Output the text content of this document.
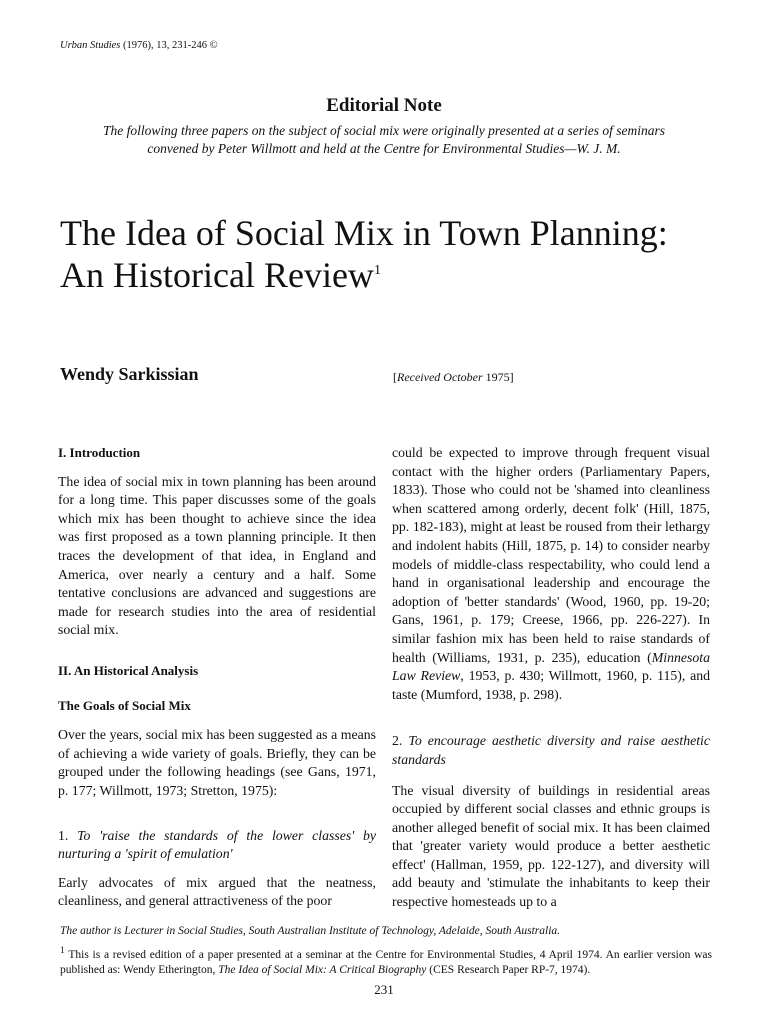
Urban Studies (1976), 13, 231-246 ©
Editorial Note
The following three papers on the subject of social mix were originally presented at a series of seminars
convened by Peter Willmott and held at the Centre for Environmental Studies—W. J. M.
The Idea of Social Mix in Town Planning:
An Historical Review$^1$
Wendy Sarkissian	[Received October 1975]

I. Introduction

The idea of social mix in town planning has been around for a long time. This paper discusses some of the goals which mix has been thought to achieve since the idea was first proposed as a town planning principle. It then traces the development of that idea, in England and America, over nearly a century and a half. Some tentative conclusions are advanced and suggestions are made for research studies into the area of residential social mix.

II. An Historical Analysis

The Goals of Social Mix

Over the years, social mix has been suggested as a means of achieving a wide variety of goals. Briefly, they can be grouped under the following headings (see Gans, 1971, p. 177; Willmott, 1973; Stretton, 1975):

1. To 'raise the standards of the lower classes' by nurturing a 'spirit of emulation'

Early advocates of mix argued that the neatness, cleanliness, and general attractiveness of the poor

could be expected to improve through frequent visual contact with the higher orders (Parliamentary Papers, 1833). Those who could not be 'shamed into cleanliness when scattered among orderly, decent folk' (Hill, 1875, pp. 182-183), might at least be roused from their lethargy and indolent habits (Hill, 1875, p. 14) to consider nearby models of middle-class respectability, who could lend a hand in organisational leadership and encourage the adoption of 'better standards' (Wood, 1960, pp. 19-20; Gans, 1961, p. 179; Creese, 1966, pp. 226-227). In similar fashion mix has been held to raise standards of health (Williams, 1931, p. 235), education (Minnesota Law Review, 1953, p. 430; Willmott, 1960, p. 115), and taste (Mumford, 1938, p. 298).

2. To encourage aesthetic diversity and raise aesthetic standards

The visual diversity of buildings in residential areas occupied by different social classes and ethnic groups is another alleged benefit of social mix. It has been claimed that 'greater variety would produce a better aesthetic effect' (Hallman, 1959, pp. 122-127), and diversity will add beauty and 'stimulate the inhabitants to keep their respective homesteads up to a

The author is Lecturer in Social Studies, South Australian Institute of Technology, Adelaide, South Australia.

$^1$ This is a revised edition of a paper presented at a seminar at the Centre for Environmental Studies, 4 April 1974. An earlier version was published as: Wendy Etherington, The Idea of Social Mix: A Critical Biography (CES Research Paper RP-7, 1974).

231
